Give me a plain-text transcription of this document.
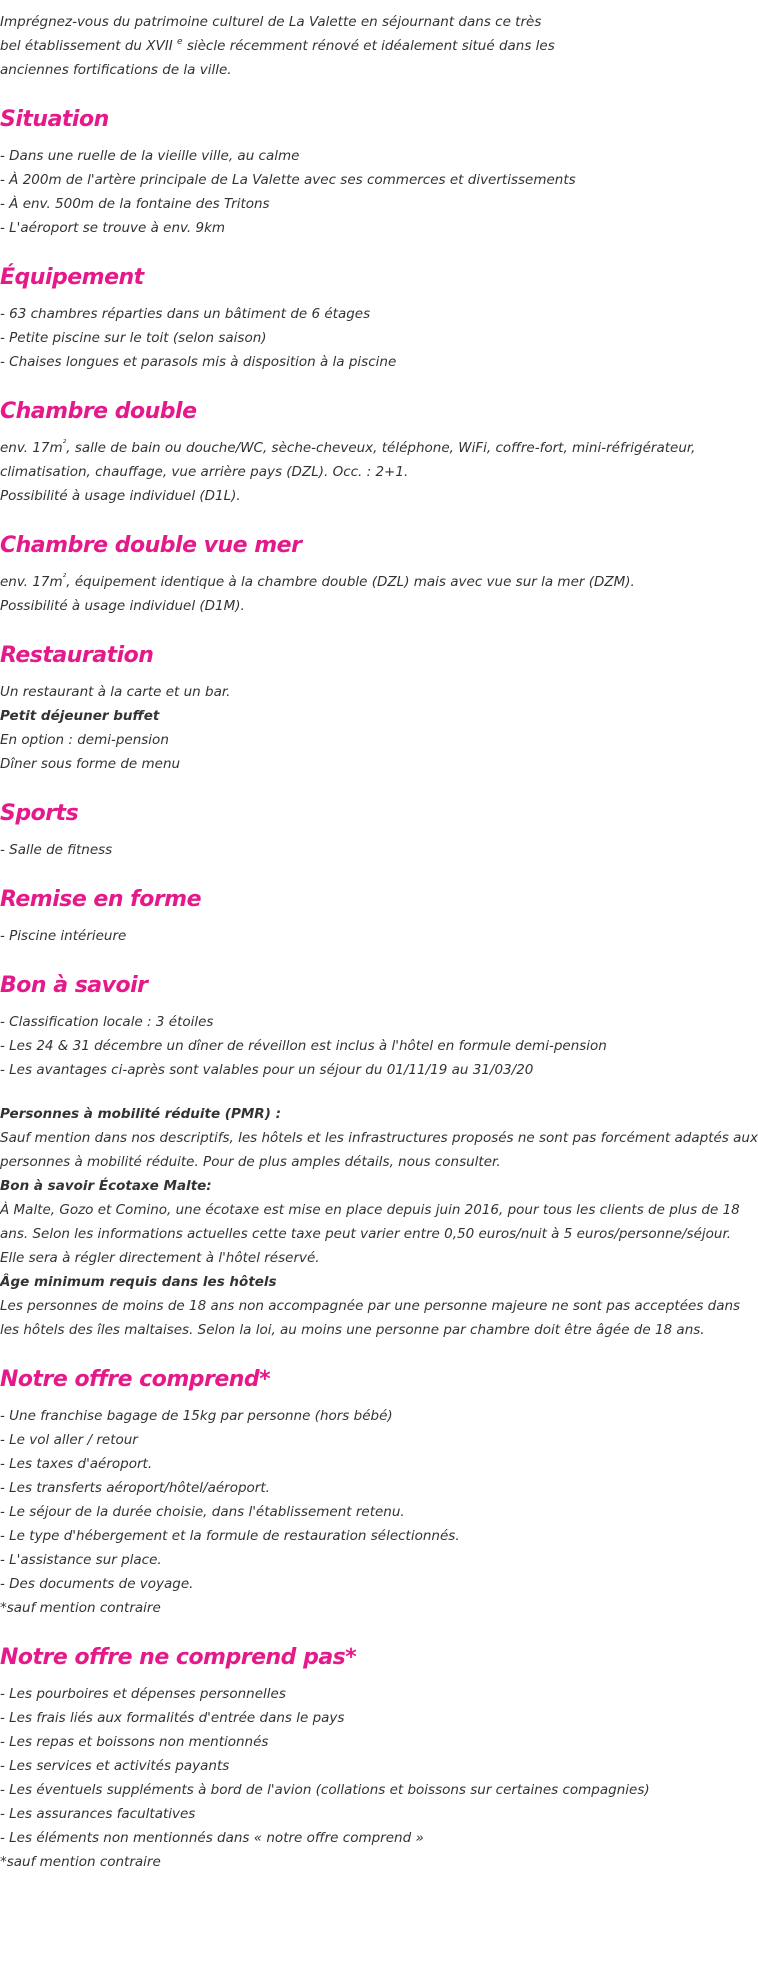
Imprégnez-vous du patrimoine culturel de La Valette en séjournant dans ce très bel établissement du XVII $^e$ siècle récemment rénové et idéalement situé dans les anciennes fortifications de la ville.

Situation

- Dans une ruelle de la vieille ville, au calme

- À 200m de l'artère principale de La Valette avec ses commerces et divertissements

- À env. 500m de la fontaine des Tritons

- L'aéroport se trouve à env. 9km

Équipement

- 63 chambres réparties dans un bâtiment de 6 étages

- Petite piscine sur le toit (selon saison)

- Chaises longues et parasols mis à disposition à la piscine

Chambre double

env. $17m^{^2}$, salle de bain ou douche/WC, sèche-cheveux, téléphone, WiFi, coffre-fort, mini-réfrigérateur, climatisation, chauffage, vue arrière pays (DZL). Occ. : 2+1.

Possibilité à usage individuel (D1L).

Chambre double vue mer

env. $17m^{^2}$, équipement identique à la chambre double (DZL) mais avec vue sur la mer (DZM).

Possibilité à usage individuel (D1M).

Restauration

Un restaurant à la carte et un bar.

Petit déjeuner buffet

En option : demi-pension

Dîner sous forme de menu

Sports

- Salle de fitness

Remise en forme

- Piscine intérieure

Bon à savoir

- Classification locale : 3 étoiles

- Les 24 & 31 décembre un dîner de réveillon est inclus à l'hôtel en formule demi-pension

- Les avantages ci-après sont valables pour un séjour du 01/11/19 au 31/03/20

Personnes à mobilité réduite (PMR) :

Sauf mention dans nos descriptifs, les hôtels et les infrastructures proposés ne sont pas forcément adaptés aux personnes à mobilité réduite. Pour de plus amples détails, nous consulter.

Bon à savoir Écotaxe Malte:

À Malte, Gozo et Comino, une écotaxe est mise en place depuis juin 2016, pour tous les clients de plus de 18 ans. Selon les informations actuelles cette taxe peut varier entre 0,50 euros/nuit à 5 euros/personne/séjour. Elle sera à régler directement à l'hôtel réservé.

Âge minimum requis dans les hôtels

Les personnes de moins de 18 ans non accompagnée par une personne majeure ne sont pas acceptées dans les hôtels des îles maltaises. Selon la loi, au moins une personne par chambre doit être âgée de 18 ans.

Notre offre comprend*

- Une franchise bagage de 15kg par personne (hors bébé)

- Le vol aller / retour

- Les taxes d'aéroport.

- Les transferts aéroport/hôtel/aéroport.

- Le séjour de la durée choisie, dans l'établissement retenu.

- Le type d'hébergement et la formule de restauration sélectionnés.

- L'assistance sur place.

- Des documents de voyage.

*sauf mention contraire

Notre offre ne comprend pas*

- Les pourboires et dépenses personnelles

- Les frais liés aux formalités d'entrée dans le pays

- Les repas et boissons non mentionnés

- Les services et activités payants

- Les éventuels suppléments à bord de l'avion (collations et boissons sur certaines compagnies)

- Les assurances facultatives

- Les éléments non mentionnés dans « notre offre comprend »

*sauf mention contraire
